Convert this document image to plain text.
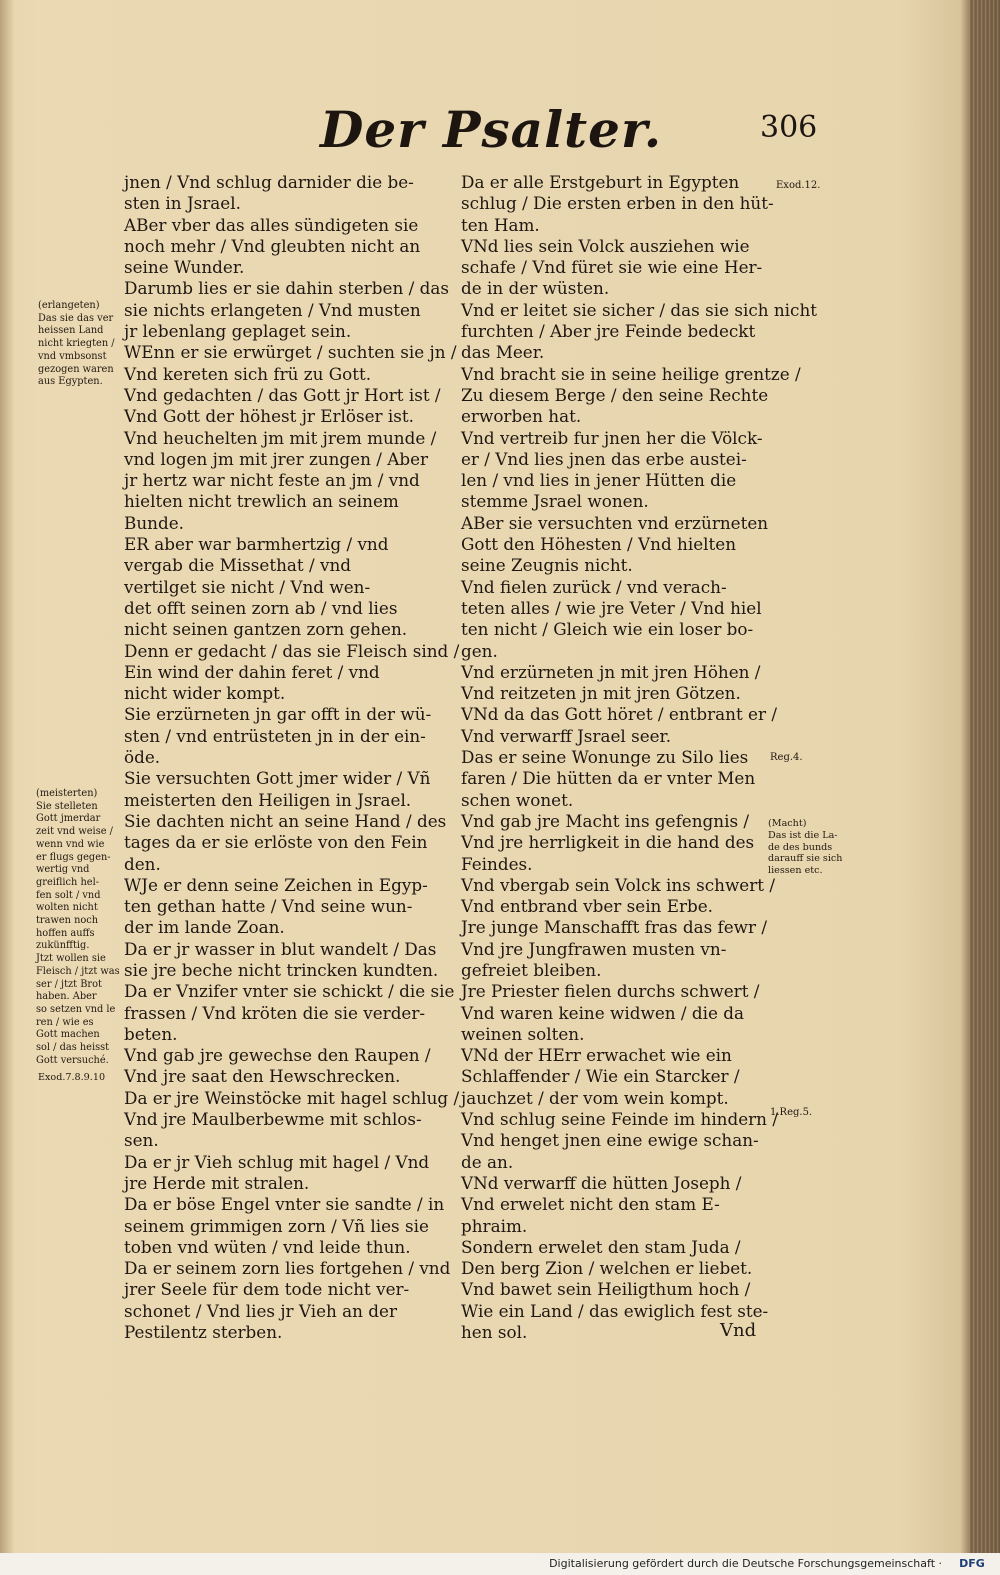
Der Psalter.	306
jnen / Vnd schlug darnider die be-
sten in Jsrael.
ABer vber das alles sündigeten sie
noch mehr / Vnd gleubten nicht an
seine Wunder.
Darumb lies er sie dahin sterben / das
sie nichts erlangeten / Vnd musten
jr lebenlang geplaget sein.
WEnn er sie erwürget / suchten sie jn /
Vnd kereten sich frü zu Gott.
Vnd gedachten / das Gott jr Hort ist /
Vnd Gott der höhest jr Erlöser ist.
Vnd heuchelten jm mit jrem munde /
vnd logen jm mit jrer zungen / Aber
jr hertz war nicht feste an jm / vnd
hielten nicht trewlich an seinem
Bunde.
ER aber war barmhertzig / vnd
vergab die Missethat / vnd
vertilget sie nicht / Vnd wen-
det offt seinen zorn ab / vnd lies
nicht seinen gantzen zorn gehen.
Denn er gedacht / das sie Fleisch sind /
Ein wind der dahin feret / vnd
nicht wider kompt.
Sie erzürneten jn gar offt in der wü-
sten / vnd entrüsteten jn in der ein-
öde.
Sie versuchten Gott jmer wider / Vñ
meisterten den Heiligen in Jsrael.
Sie dachten nicht an seine Hand / des
tages da er sie erlöste von den Fein
den.
WJe er denn seine Zeichen in Egyp-
ten gethan hatte / Vnd seine wun-
der im lande Zoan.
Da er jr wasser in blut wandelt / Das
sie jre beche nicht trincken kundten.
Da er Vnzifer vnter sie schickt / die sie
frassen / Vnd kröten die sie verder-
beten.
Vnd gab jre gewechse den Raupen /
Vnd jre saat den Hewschrecken.
Da er jre Weinstöcke mit hagel schlug /
Vnd jre Maulberbewme mit schlos-
sen.
Da er jr Vieh schlug mit hagel / Vnd
jre Herde mit stralen.
Da er böse Engel vnter sie sandte / in
seinem grimmigen zorn / Vñ lies sie
toben vnd wüten / vnd leide thun.
Da er seinem zorn lies fortgehen / vnd
jrer Seele für dem tode nicht ver-
schonet / Vnd lies jr Vieh an der
Pestilentz sterben.
Da er alle Erstgeburt in Egypten
schlug / Die ersten erben in den hüt-
ten Ham.
VNd lies sein Volck ausziehen wie
schafe / Vnd füret sie wie eine Her-
de in der wüsten.
Vnd er leitet sie sicher / das sie sich nicht
furchten / Aber jre Feinde bedeckt
das Meer.
Vnd bracht sie in seine heilige grentze /
Zu diesem Berge / den seine Rechte
erworben hat.
Vnd vertreib fur jnen her die Völck-
er / Vnd lies jnen das erbe austei-
len / vnd lies in jener Hütten die
stemme Jsrael wonen.
ABer sie versuchten vnd erzürneten
Gott den Höhesten / Vnd hielten
seine Zeugnis nicht.
Vnd fielen zurück / vnd verach-
teten alles / wie jre Veter / Vnd hiel
ten nicht / Gleich wie ein loser bo-
gen.
Vnd erzürneten jn mit jren Höhen /
Vnd reitzeten jn mit jren Götzen.
VNd da das Gott höret / entbrant er /
Vnd verwarff Jsrael seer.
Das er seine Wonunge zu Silo lies
faren / Die hütten da er vnter Men
schen wonet.
Vnd gab jre Macht ins gefengnis /
Vnd jre herrligkeit in die hand des
Feindes.
Vnd vbergab sein Volck ins schwert /
Vnd entbrand vber sein Erbe.
Jre junge Manschafft fras das fewr /
Vnd jre Jungfrawen musten vn-
gefreiet bleiben.
Jre Priester fielen durchs schwert /
Vnd waren keine widwen / die da
weinen solten.
VNd der HErr erwachet wie ein
Schlaffender / Wie ein Starcker /
jauchzet / der vom wein kompt.
Vnd schlug seine Feinde im hindern /
Vnd henget jnen eine ewige schan-
de an.
VNd verwarff die hütten Joseph /
Vnd erwelet nicht den stam E-
phraim.
Sondern erwelet den stam Juda /
Den berg Zion / welchen er liebet.
Vnd bawet sein Heiligthum hoch /
Wie ein Land / das ewiglich fest ste-
hen sol.
(erlangeten)
Das sie das ver
heissen Land
nicht kriegten /
vnd vmbsonst
gezogen waren
aus Egypten.
(meisterten)
Sie stelleten
Gott jmerdar
zeit vnd weise /
wenn vnd wie
er flugs gegen-
wertig vnd
greiflich hel-
fen solt / vnd
wolten nicht
trawen noch
hoffen auffs
zukünfftig.
Jtzt wollen sie
Fleisch / jtzt was
ser / jtzt Brot
haben. Aber
so setzen vnd le
ren / wie es
Gott machen
sol / das heisst
Gott versuché.
Exod.7.8.9.10
(Macht)
Das ist die La-
de des bunds
darauff sie sich
liessen etc.
Exod.12.
Reg.4.
1.Reg.5.
Vnd
Digitalisierung gefördert durch die Deutsche Forschungsgemeinschaft ·	DFG
